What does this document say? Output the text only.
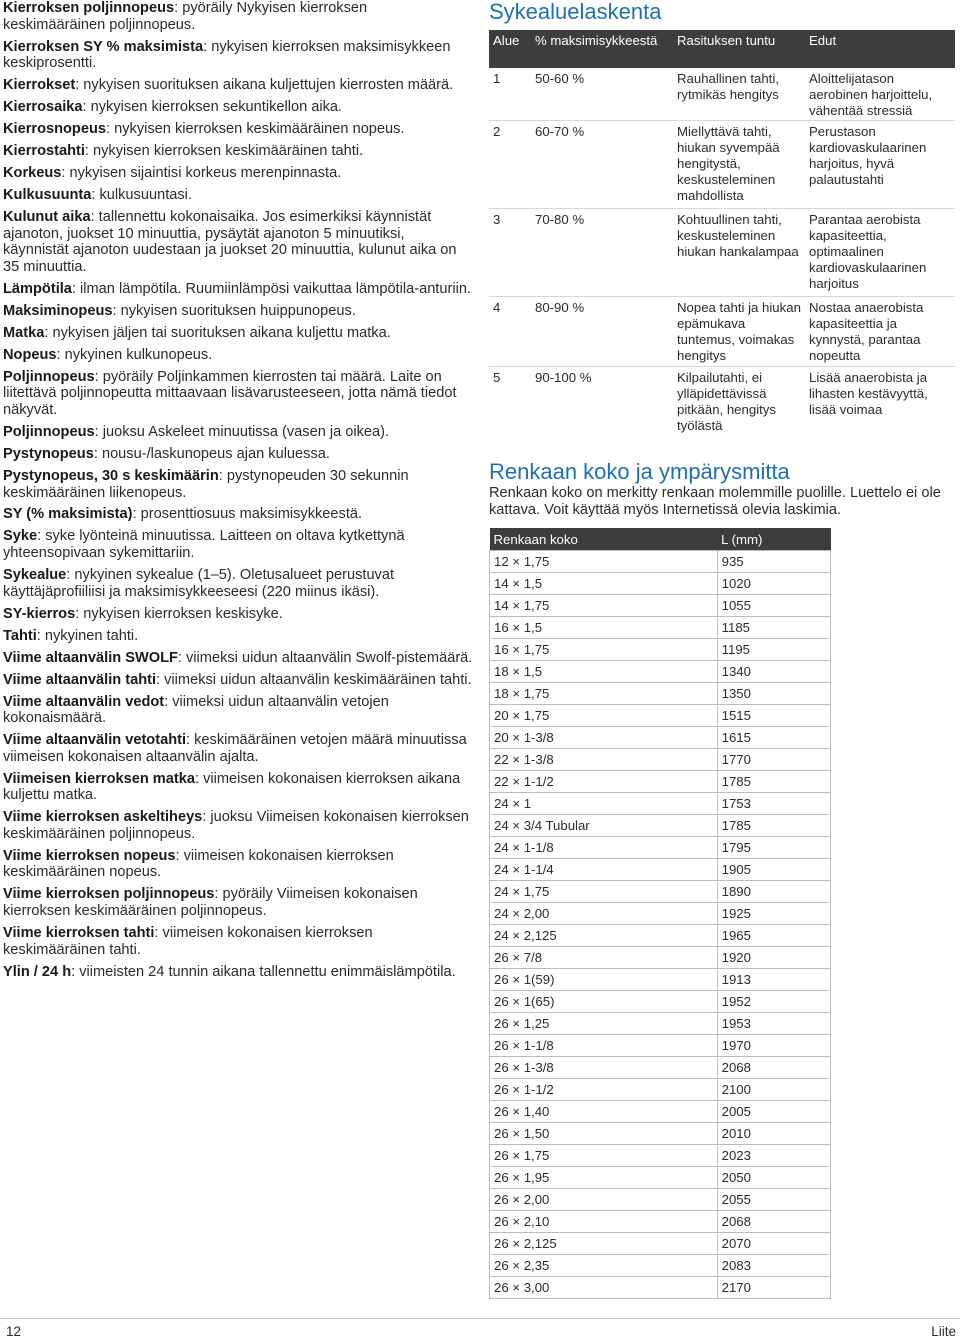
Kierroksen poljinnopeus: pyöräily Nykyisen kierroksen keskimääräinen poljinnopeus.

Kierroksen SY % maksimista: nykyisen kierroksen maksimisykkeen keskiprosentti.

Kierrokset: nykyisen suorituksen aikana kuljettujen kierrosten määrä.

Kierrosaika: nykyisen kierroksen sekuntikellon aika.

Kierrosnopeus: nykyisen kierroksen keskimääräinen nopeus.

Kierrostahti: nykyisen kierroksen keskimääräinen tahti.

Korkeus: nykyisen sijaintisi korkeus merenpinnasta.

Kulkusuunta: kulkusuuntasi.

Kulunut aika: tallennettu kokonaisaika. Jos esimerkiksi käynnistät ajanoton, juokset 10 minuuttia, pysäytät ajanoton 5 minuutiksi, käynnistät ajanoton uudestaan ja juokset 20 minuuttia, kulunut aika on 35 minuuttia.

Lämpötila: ilman lämpötila. Ruumiinlämpösi vaikuttaa lämpötila-anturiin.

Maksiminopeus: nykyisen suorituksen huippunopeus.

Matka: nykyisen jäljen tai suorituksen aikana kuljettu matka.

Nopeus: nykyinen kulkunopeus.

Poljinnopeus: pyöräily Poljinkammen kierrosten tai määrä. Laite on liitettävä poljinnopeutta mittaavaan lisävarusteeseen, jotta nämä tiedot näkyvät.

Poljinnopeus: juoksu Askeleet minuutissa (vasen ja oikea).

Pystynopeus: nousu-/laskunopeus ajan kuluessa.

Pystynopeus, 30 s keskimäärin: pystynopeuden 30 sekunnin keskimääräinen liikenopeus.

SY (% maksimista): prosenttiosuus maksimisykkeestä.

Syke: syke lyönteinä minuutissa. Laitteen on oltava kytkettynä yhteensopivaan sykemittariin.

Sykealue: nykyinen sykealue (1–5). Oletusalueet perustuvat käyttäjäprofiiliisi ja maksimisykkeeseesi (220 miinus ikäsi).

SY-kierros: nykyisen kierroksen keskisyke.

Tahti: nykyinen tahti.

Viime altaanvälin SWOLF: viimeksi uidun altaanvälin Swolf-pistemäärä.

Viime altaanvälin tahti: viimeksi uidun altaanvälin keskimääräinen tahti.

Viime altaanvälin vedot: viimeksi uidun altaanvälin vetojen kokonaismäärä.

Viime altaanvälin vetotahti: keskimääräinen vetojen määrä minuutissa viimeisen kokonaisen altaanvälin ajalta.

Viimeisen kierroksen matka: viimeisen kokonaisen kierroksen aikana kuljettu matka.

Viime kierroksen askeltiheys: juoksu Viimeisen kokonaisen kierroksen keskimääräinen poljinnopeus.

Viime kierroksen nopeus: viimeisen kokonaisen kierroksen keskimääräinen nopeus.

Viime kierroksen poljinnopeus: pyöräily Viimeisen kokonaisen kierroksen keskimääräinen poljinnopeus.

Viime kierroksen tahti: viimeisen kokonaisen kierroksen keskimääräinen tahti.

Ylin / 24 h: viimeisten 24 tunnin aikana tallennettu enimmäislämpötila.

Sykealuelaskenta
Alue	% maksimisykkeestä	Rasituksen tuntu	Edut
1	50-60 %	Rauhallinen tahti, rytmikäs hengitys	Aloittelijatason aerobinen harjoittelu, vähentää stressiä
2	60-70 %	Miellyttävä tahti, hiukan syvempää hengitystä, keskusteleminen mahdollista	Perustason kardiovaskulaarinen harjoitus, hyvä palautustahti
3	70-80 %	Kohtuullinen tahti, keskusteleminen hiukan hankalampaa	Parantaa aerobista kapasiteettia, optimaalinen kardiovaskulaarinen harjoitus
4	80-90 %	Nopea tahti ja hiukan epämukava tuntemus, voimakas hengitys	Nostaa anaerobista kapasiteettia ja kynnystä, parantaa nopeutta
5	90-100 %	Kilpailutahti, ei ylläpidettävissä pitkään, hengitys työlästä	Lisää anaerobista ja lihasten kestävyyttä, lisää voimaa
Renkaan koko ja ympärysmitta
Renkaan koko on merkitty renkaan molemmille puolille. Luettelo ei ole kattava. Voit käyttää myös Internetissä olevia laskimia.
Renkaan koko	L (mm)
12 × 1,75	935
14 × 1,5	1020
14 × 1,75	1055
16 × 1,5	1185
16 × 1,75	1195
18 × 1,5	1340
18 × 1,75	1350
20 × 1,75	1515
20 × 1-3/8	1615
22 × 1-3/8	1770
22 × 1-1/2	1785
24 × 1	1753
24 × 3/4 Tubular	1785
24 × 1-1/8	1795
24 × 1-1/4	1905
24 × 1,75	1890
24 × 2,00	1925
24 × 2,125	1965
26 × 7/8	1920
26 × 1(59)	1913
26 × 1(65)	1952
26 × 1,25	1953
26 × 1-1/8	1970
26 × 1-3/8	2068
26 × 1-1/2	2100
26 × 1,40	2005
26 × 1,50	2010
26 × 1,75	2023
26 × 1,95	2050
26 × 2,00	2055
26 × 2,10	2068
26 × 2,125	2070
26 × 2,35	2083
26 × 3,00	2170
12	Liite
